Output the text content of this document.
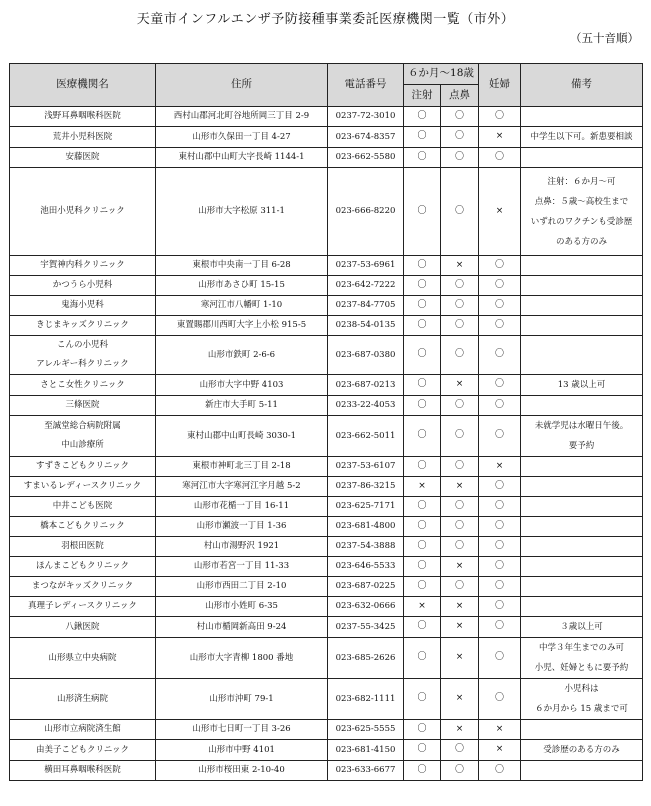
天童市インフルエンザ予防接種事業委託医療機関一覧（市外）
（五十音順）
医療機関名	住所	電話番号	６か月～18歳		妊婦	備考
			注射	点鼻		

浅野耳鼻咽喉科医院	西村山郡河北町谷地所岡三丁目 2-9	0237-72-3010	〇	〇	〇	

荒井小児科医院	山形市久保田一丁目 4-27	023-674-8357	〇	〇	×	中学生以下可。新患要相談

安藤医院	東村山郡中山町大字長崎 1144-1	023-662-5580	〇	〇	〇	

池田小児科クリニック	山形市大字松原 311-1	023-666-8220	〇	〇	×	注射：６か月～可
点鼻：５歳～高校生まで
いずれのワクチンも受診歴
のある方のみ

宇賀神内科クリニック	東根市中央南一丁目 6-28	0237-53-6961	〇	×	〇	

かつうら小児科	山形市あさひ町 15-15	023-642-7222	〇	〇	〇	

鬼海小児科	寒河江市八幡町 1-10	0237-84-7705	〇	〇	〇	

きじまキッズクリニック	東置賜郡川西町大字上小松 915-5	0238-54-0135	〇	〇	〇	

こんの小児科
アレルギー科クリニック	山形市鉄町 2-6-6	023-687-0380	〇	〇	〇	

さとこ女性クリニック	山形市大字中野 4103	023-687-0213	〇	×	〇	13 歳以上可

三條医院	新庄市大手町 5-11	0233-22-4053	〇	〇	〇	

至誠堂総合病院附属
中山診療所	東村山郡中山町長崎 3030-1	023-662-5011	〇	〇	〇	未就学児は水曜日午後。
要予約

すずきこどもクリニック	東根市神町北三丁目 2-18	0237-53-6107	〇	〇	×	

すまいるレディースクリニック	寒河江市大字寒河江字月越 5-2	0237-86-3215	×	×	〇	

中井こども医院	山形市花楯一丁目 16-11	023-625-7171	〇	〇	〇	

橋本こどもクリニック	山形市瀬波一丁目 1-36	023-681-4800	〇	〇	〇	

羽根田医院	村山市湯野沢 1921	0237-54-3888	〇	〇	〇	

ほんまこどもクリニック	山形市若宮一丁目 11-33	023-646-5533	〇	×	〇	

まつながキッズクリニック	山形市西田二丁目 2-10	023-687-0225	〇	〇	〇	

真理子レディースクリニック	山形市小姓町 6-35	023-632-0666	×	×	〇	

八鍬医院	村山市楯岡新高田 9-24	0237-55-3425	〇	×	〇	３歳以上可

山形県立中央病院	山形市大字青柳 1800 番地	023-685-2626	〇	×	〇	中学３年生までのみ可
小児、妊婦ともに要予約

山形済生病院	山形市沖町 79-1	023-682-1111	〇	×	〇	小児科は
６か月から 15 歳まで可

山形市立病院済生館	山形市七日町一丁目 3-26	023-625-5555	〇	×	×	

由美子こどもクリニック	山形市中野 4101	023-681-4150	〇	〇	×	受診歴のある方のみ

横田耳鼻咽喉科医院	山形市桜田東 2-10-40	023-633-6677	〇	〇	〇	
